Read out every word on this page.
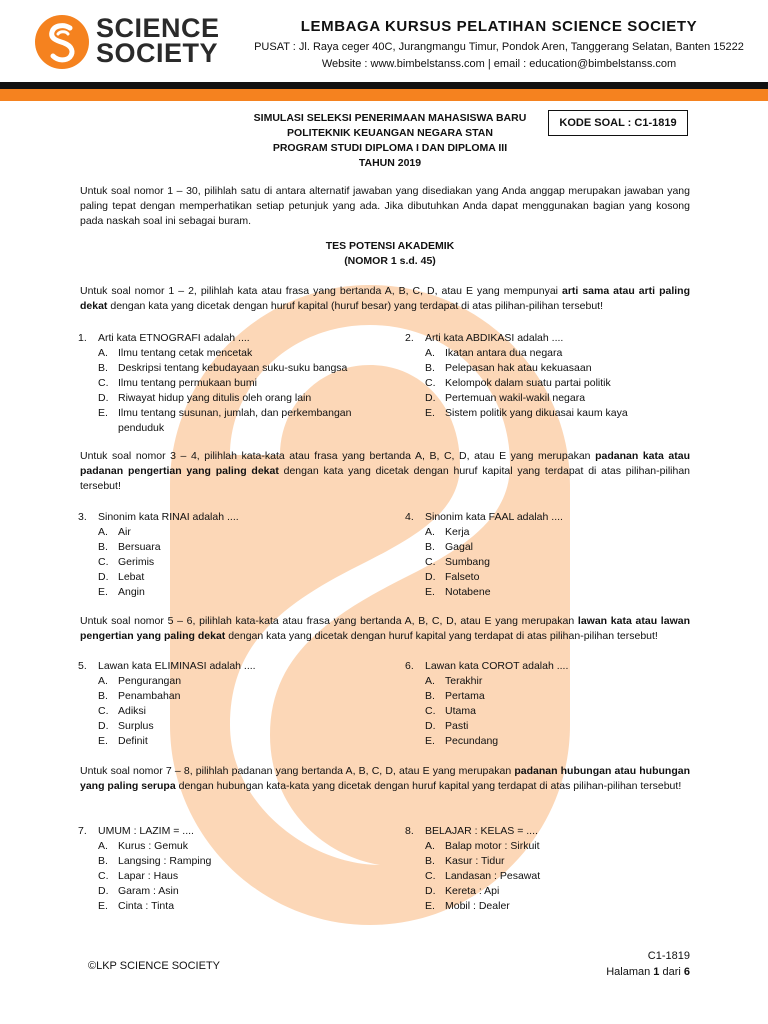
SCIENCE
SOCIETY
LEMBAGA KURSUS PELATIHAN SCIENCE SOCIETY
PUSAT : Jl. Raya ceger 40C, Jurangmangu Timur, Pondok Aren, Tanggerang Selatan, Banten 15222
Website : www.bimbelstanss.com | email : education@bimbelstanss.com
SIMULASI SELEKSI PENERIMAAN MAHASISWA BARU
POLITEKNIK KEUANGAN NEGARA STAN
PROGRAM STUDI DIPLOMA I DAN DIPLOMA III
TAHUN 2019
KODE SOAL : C1-1819
Untuk soal nomor 1 – 30, pilihlah satu di antara alternatif jawaban yang disediakan yang Anda anggap merupakan jawaban yang paling tepat dengan memperhatikan setiap petunjuk yang ada. Jika dibutuhkan Anda dapat menggunakan bagian yang kosong pada naskah soal ini sebagai buram.
TES POTENSI AKADEMIK
(NOMOR 1 s.d. 45)
Untuk soal nomor 1 – 2, pilihlah kata atau frasa yang bertanda A, B, C, D, atau E yang mempunyai arti sama atau arti paling dekat dengan kata yang dicetak dengan huruf kapital (huruf besar) yang terdapat di atas pilihan-pilihan tersebut!
1. Arti kata ETNOGRAFI adalah ....
A. Ilmu tentang cetak mencetak
B. Deskripsi tentang kebudayaan suku-suku bangsa
C. Ilmu tentang permukaan bumi
D. Riwayat hidup yang ditulis oleh orang lain
E. Ilmu tentang susunan, jumlah, dan perkembangan penduduk
2. Arti kata ABDIKASI adalah ....
A. Ikatan antara dua negara
B. Pelepasan hak atau kekuasaan
C. Kelompok dalam suatu partai politik
D. Pertemuan wakil-wakil negara
E. Sistem politik yang dikuasai kaum kaya
Untuk soal nomor 3 – 4, pilihlah kata-kata atau frasa yang bertanda A, B, C, D, atau E yang merupakan padanan kata atau padanan pengertian yang paling dekat dengan kata yang dicetak dengan huruf kapital yang terdapat di atas pilihan-pilihan tersebut!
3. Sinonim kata RINAI adalah ....
A. Air
B. Bersuara
C. Gerimis
D. Lebat
E. Angin
4. Sinonim kata FAAL adalah ....
A. Kerja
B. Gagal
C. Sumbang
D. Falseto
E. Notabene
Untuk soal nomor 5 – 6, pilihlah kata-kata atau frasa yang bertanda A, B, C, D, atau E yang merupakan lawan kata atau lawan pengertian yang paling dekat dengan kata yang dicetak dengan huruf kapital yang terdapat di atas pilihan-pilihan tersebut!
5. Lawan kata ELIMINASI adalah ....
A. Pengurangan
B. Penambahan
C. Adiksi
D. Surplus
E. Definit
6. Lawan kata COROT adalah ....
A. Terakhir
B. Pertama
C. Utama
D. Pasti
E. Pecundang
Untuk soal nomor 7 – 8, pilihlah padanan yang bertanda A, B, C, D, atau E yang merupakan padanan hubungan atau hubungan yang paling serupa dengan hubungan kata-kata yang dicetak dengan huruf kapital yang terdapat di atas pilihan-pilihan tersebut!
7. UMUM : LAZIM = ....
A. Kurus : Gemuk
B. Langsing : Ramping
C. Lapar : Haus
D. Garam : Asin
E. Cinta : Tinta
8. BELAJAR : KELAS = ....
A. Balap motor : Sirkuit
B. Kasur : Tidur
C. Landasan : Pesawat
D. Kereta : Api
E. Mobil : Dealer
©LKP SCIENCE SOCIETY
C1-1819
Halaman 1 dari 6
